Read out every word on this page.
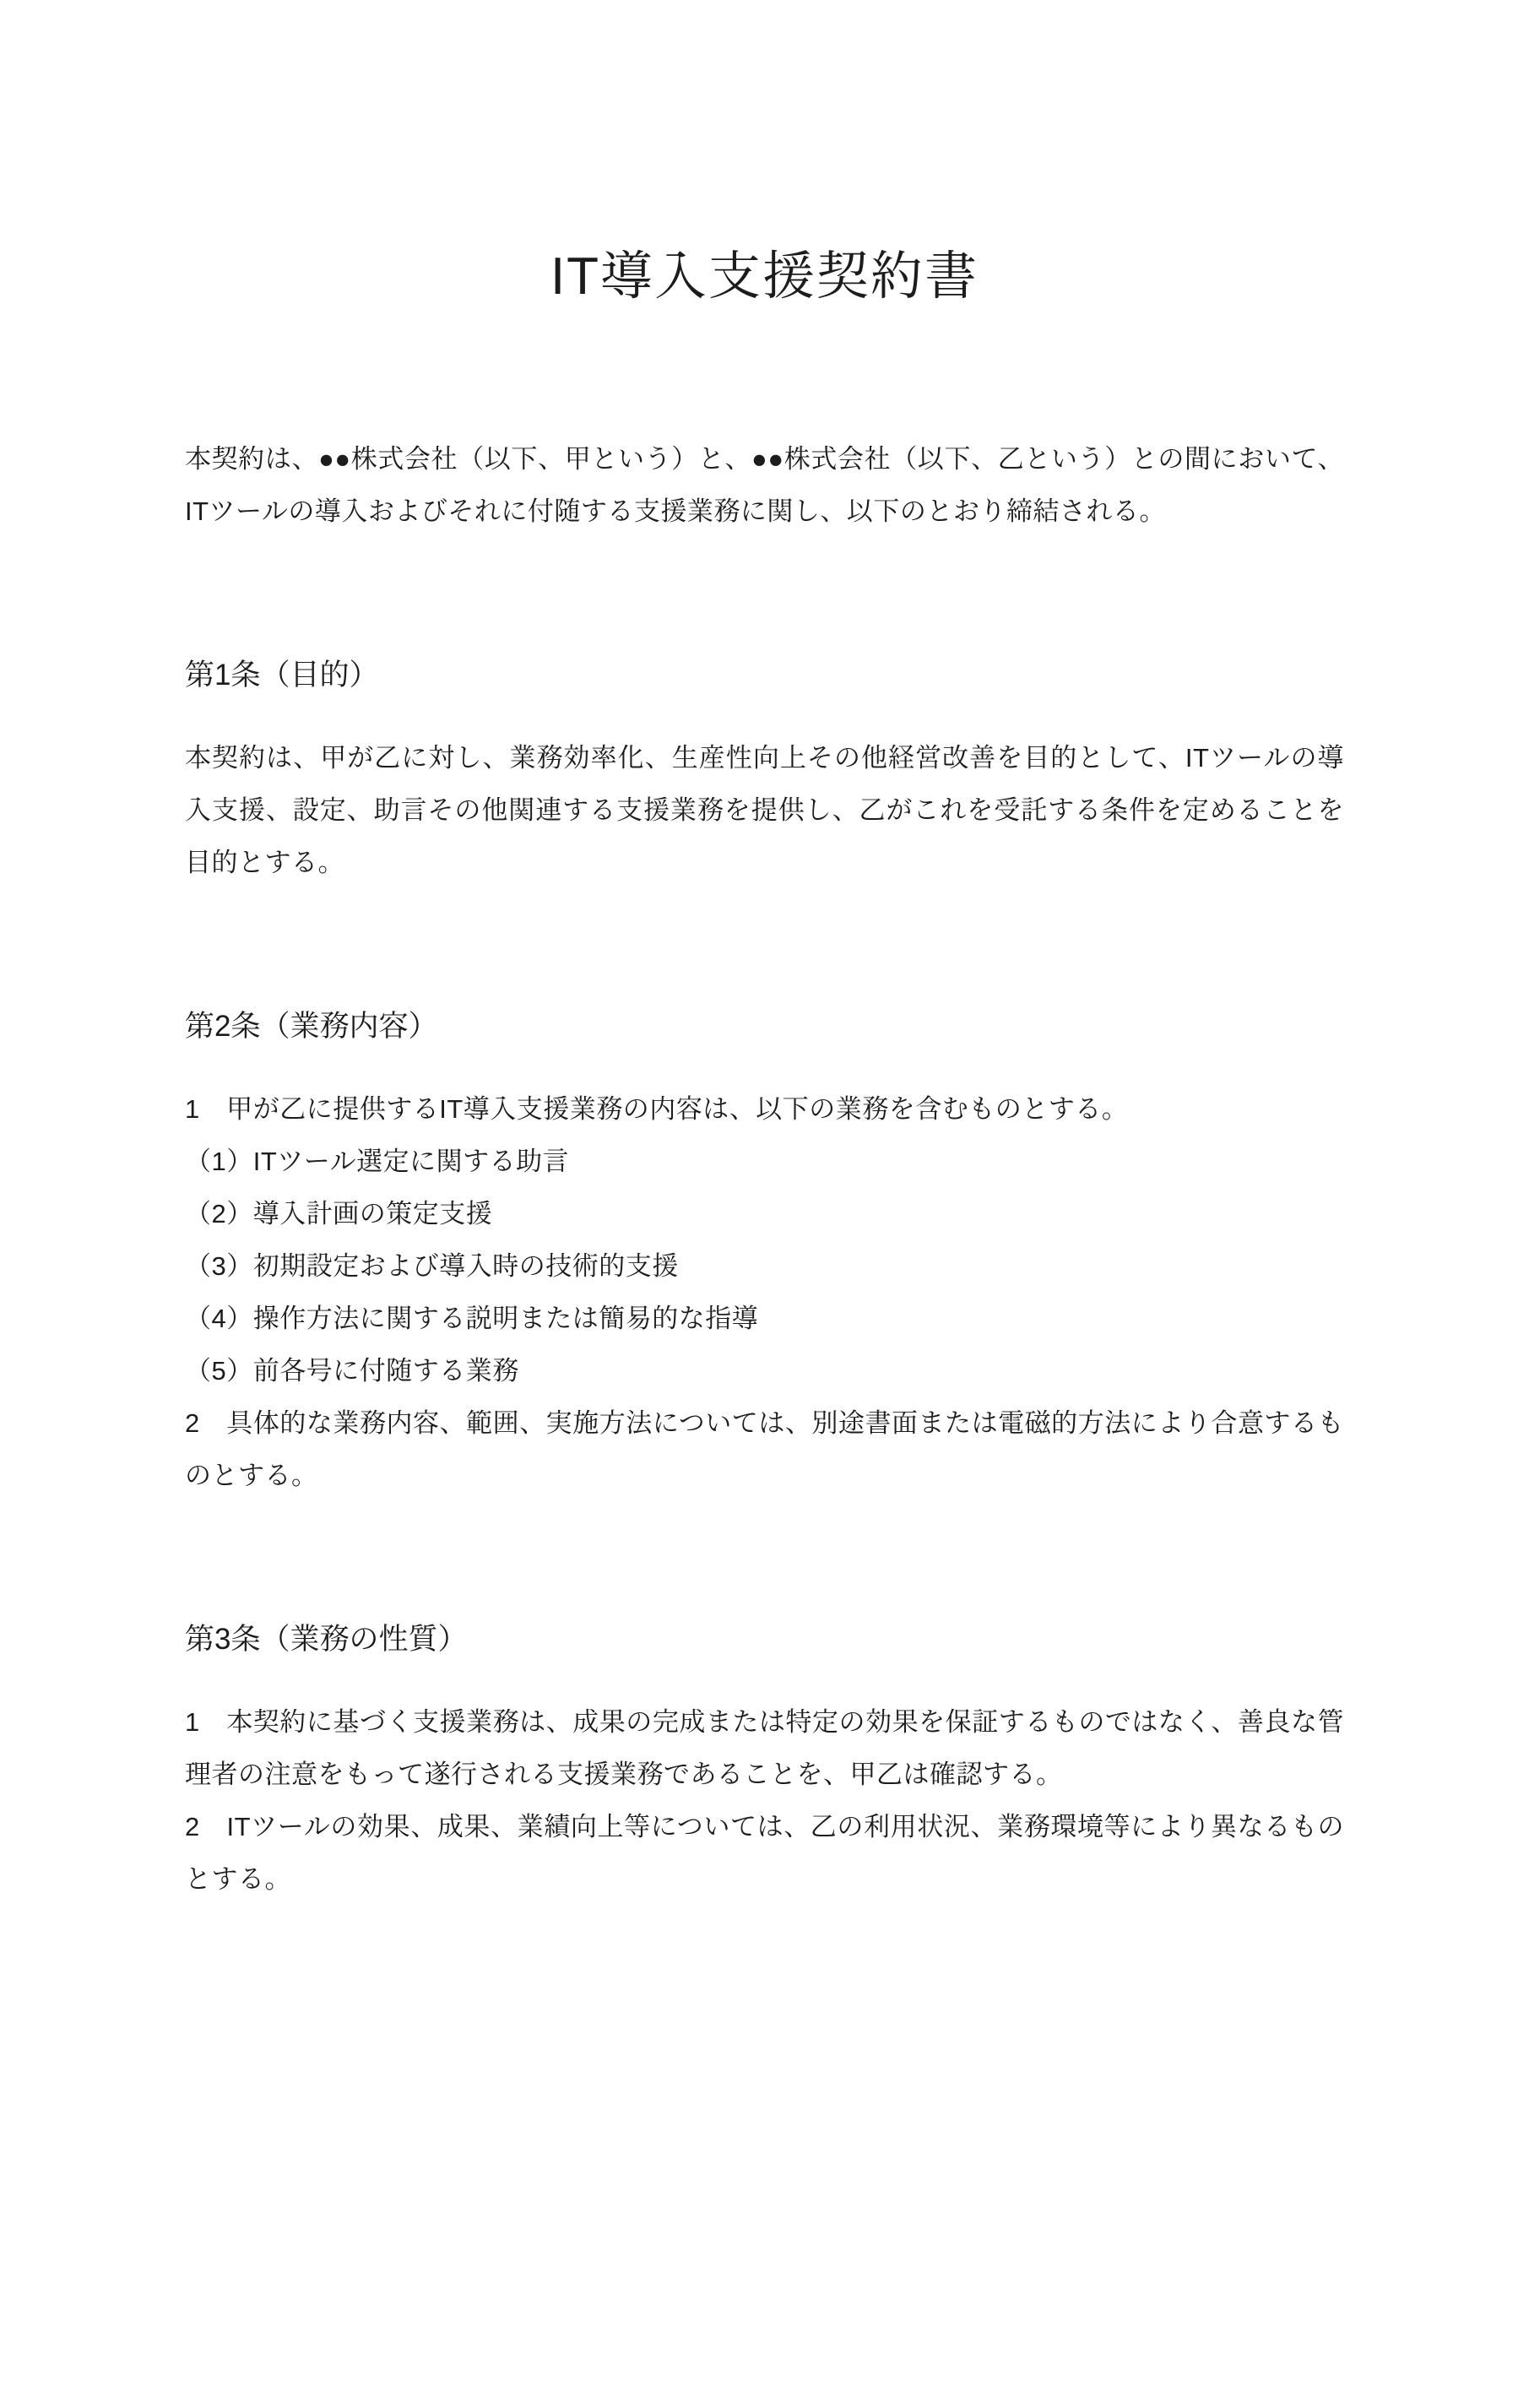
IT導入支援契約書

本契約は、●●株式会社（以下、甲という）と、●●株式会社（以下、乙という）との間において、ITツールの導入およびそれに付随する支援業務に関し、以下のとおり締結される。

第1条（目的）

本契約は、甲が乙に対し、業務効率化、生産性向上その他経営改善を目的として、ITツールの導入支援、設定、助言その他関連する支援業務を提供し、乙がこれを受託する条件を定めることを目的とする。

第2条（業務内容）

1　甲が乙に提供するIT導入支援業務の内容は、以下の業務を含むものとする。

（1）ITツール選定に関する助言

（2）導入計画の策定支援

（3）初期設定および導入時の技術的支援

（4）操作方法に関する説明または簡易的な指導

（5）前各号に付随する業務

2　具体的な業務内容、範囲、実施方法については、別途書面または電磁的方法により合意するものとする。

第3条（業務の性質）

1　本契約に基づく支援業務は、成果の完成または特定の効果を保証するものではなく、善良な管理者の注意をもって遂行される支援業務であることを、甲乙は確認する。

2　ITツールの効果、成果、業績向上等については、乙の利用状況、業務環境等により異なるものとする。
